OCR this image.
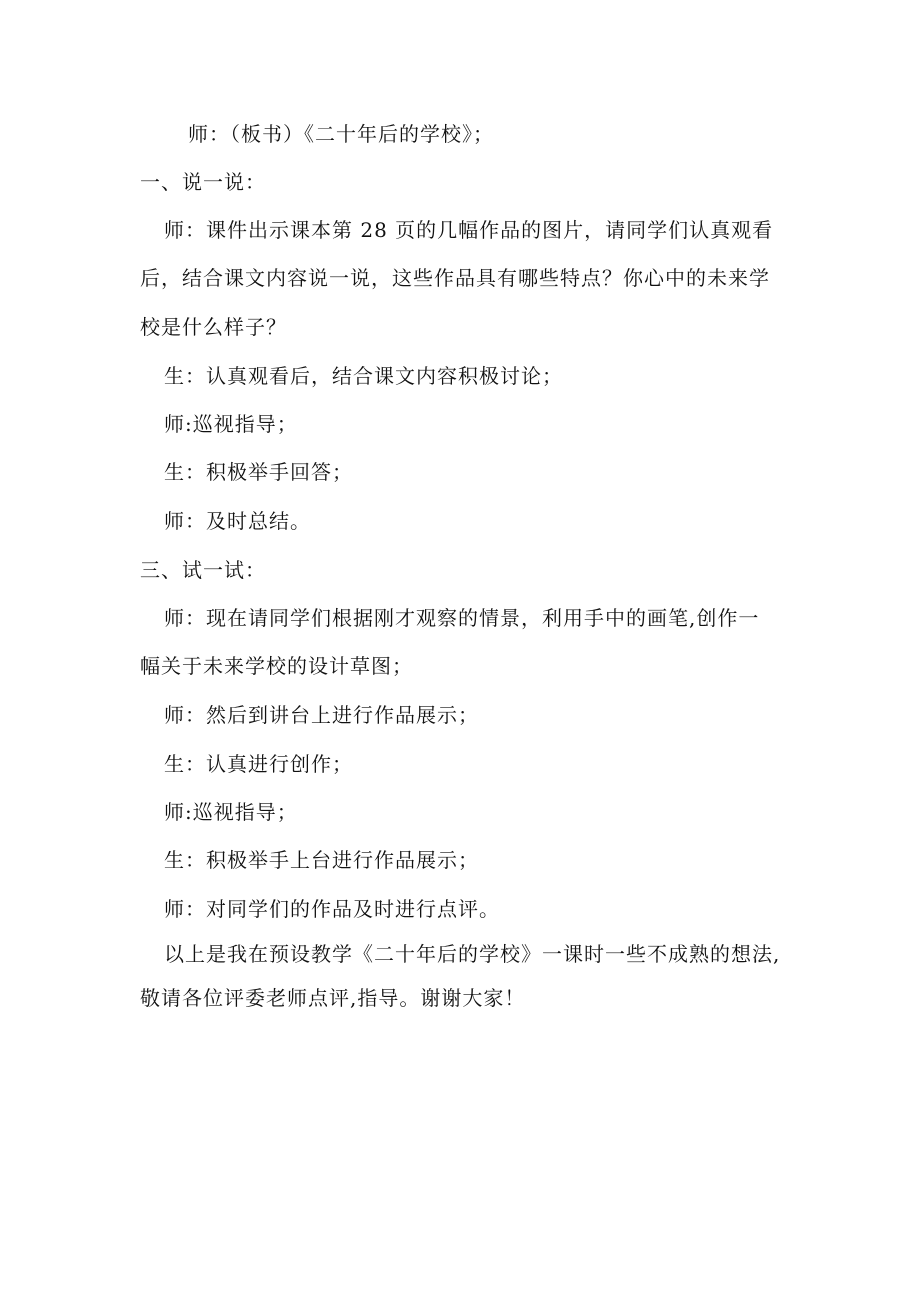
师：（板书）《二十年后的学校》；
一、说一说：
师：课件出示课本第 28 页的几幅作品的图片，请同学们认真观看
后，结合课文内容说一说，这些作品具有哪些特点？你心中的未来学
校是什么样子？
生：认真观看后，结合课文内容积极讨论；
师:巡视指导；
生：积极举手回答；
师：及时总结。
三、试一试：
师：现在请同学们根据刚才观察的情景，利用手中的画笔,创作一
幅关于未来学校的设计草图；
师：然后到讲台上进行作品展示；
生：认真进行创作；
师:巡视指导；
生：积极举手上台进行作品展示；
师：对同学们的作品及时进行点评。
以上是我在预设教学《二十年后的学校》一课时一些不成熟的想法,
敬请各位评委老师点评,指导。谢谢大家！
